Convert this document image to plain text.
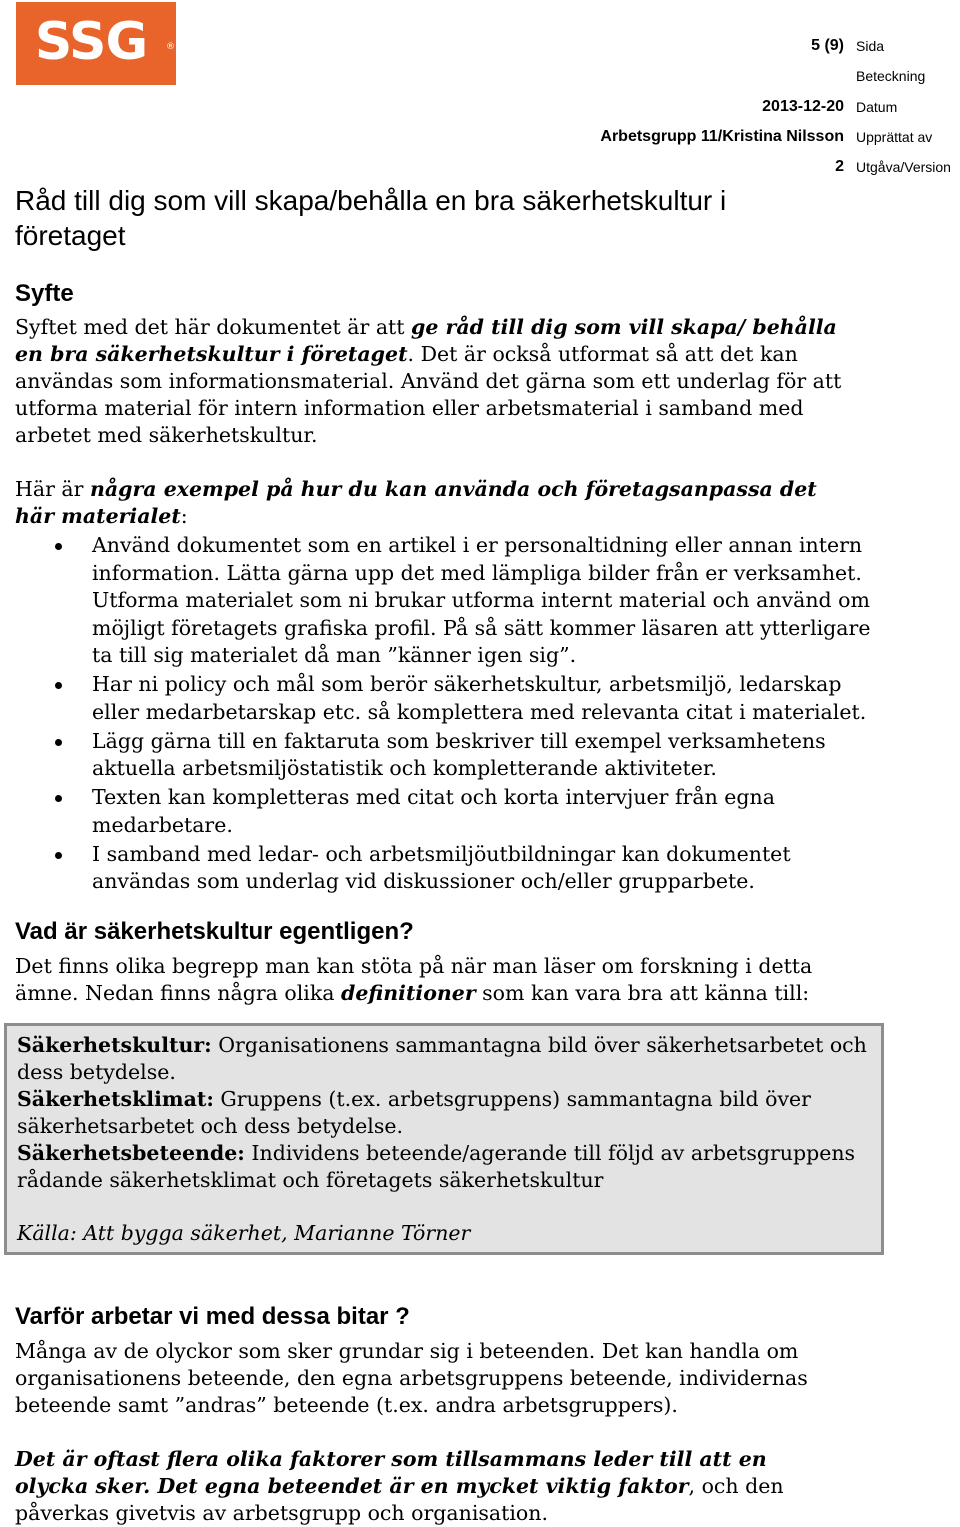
SSG	®	5 (9) Sida
Beteckning
2013-12-20 Datum
Arbetsgrupp 11/Kristina Nilsson Upprättat av
2 Utgåva/Version
Råd till dig som vill skapa/behålla en bra säkerhetskultur i företaget
Syfte
Syftet med det här dokumentet är att ge råd till dig som vill skapa/ behålla en bra säkerhetskultur i företaget. Det är också utformat så att det kan användas som informationsmaterial. Använd det gärna som ett underlag för att utforma material för intern information eller arbetsmaterial i samband med arbetet med säkerhetskultur.
Här är några exempel på hur du kan använda och företagsanpassa det här materialet:
Använd dokumentet som en artikel i er personaltidning eller annan intern information. Lätta gärna upp det med lämpliga bilder från er verksamhet. Utforma materialet som ni brukar utforma internt material och använd om möjligt företagets grafiska profil. På så sätt kommer läsaren att ytterligare ta till sig materialet då man ”känner igen sig”.
Har ni policy och mål som berör säkerhetskultur, arbetsmiljö, ledarskap eller medarbetarskap etc. så komplettera med relevanta citat i materialet.
Lägg gärna till en faktaruta som beskriver till exempel verksamhetens aktuella arbetsmiljöstatistik och kompletterande aktiviteter.
Texten kan kompletteras med citat och korta intervjuer från egna medarbetare.
I samband med ledar- och arbetsmiljöutbildningar kan dokumentet användas som underlag vid diskussioner och/eller grupparbete.
Vad är säkerhetskultur egentligen?
Det finns olika begrepp man kan stöta på när man läser om forskning i detta ämne. Nedan finns några olika definitioner som kan vara bra att känna till:
Säkerhetskultur: Organisationens sammantagna bild över säkerhetsarbetet och dess betydelse.
Säkerhetsklimat: Gruppens (t.ex. arbetsgruppens) sammantagna bild över säkerhetsarbetet och dess betydelse.
Säkerhetsbeteende: Individens beteende/agerande till följd av arbetsgruppens rådande säkerhetsklimat och företagets säkerhetskultur
Källa: Att bygga säkerhet, Marianne Törner
Varför arbetar vi med dessa bitar ?
Många av de olyckor som sker grundar sig i beteenden. Det kan handla om organisationens beteende, den egna arbetsgruppens beteende, individernas beteende samt ”andras” beteende (t.ex. andra arbetsgruppers).
Det är oftast flera olika faktorer som tillsammans leder till att en olycka sker. Det egna beteendet är en mycket viktig faktor, och den påverkas givetvis av arbetsgrupp och organisation.
